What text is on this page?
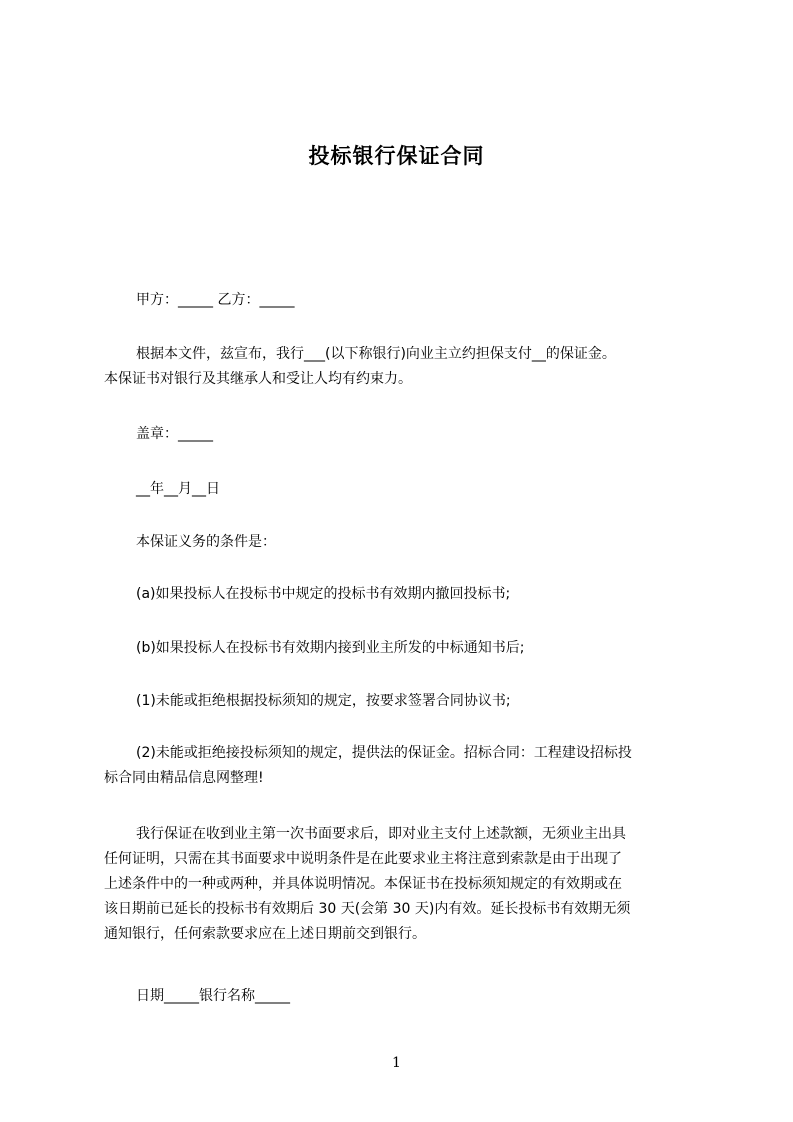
投标银行保证合同
甲方：_____ 乙方：_____
根据本文件，兹宣布，我行___(以下称银行)向业主立约担保支付__的保证金。
本保证书对银行及其继承人和受让人均有约束力。
盖章：_____
__年__月__日
本保证义务的条件是：
(a)如果投标人在投标书中规定的投标书有效期内撤回投标书;
(b)如果投标人在投标书有效期内接到业主所发的中标通知书后;
(1)未能或拒绝根据投标须知的规定，按要求签署合同协议书;
(2)未能或拒绝接投标须知的规定，提供法的保证金。招标合同：工程建设招标投
标合同由精品信息网整理!
我行保证在收到业主第一次书面要求后，即对业主支付上述款额，无须业主出具
任何证明，只需在其书面要求中说明条件是在此要求业主将注意到索款是由于出现了
上述条件中的一种或两种，并具体说明情况。本保证书在投标须知规定的有效期或在
该日期前已延长的投标书有效期后 30 天(会第 30 天)内有效。延长投标书有效期无须
通知银行，任何索款要求应在上述日期前交到银行。
日期_____银行名称_____
1
